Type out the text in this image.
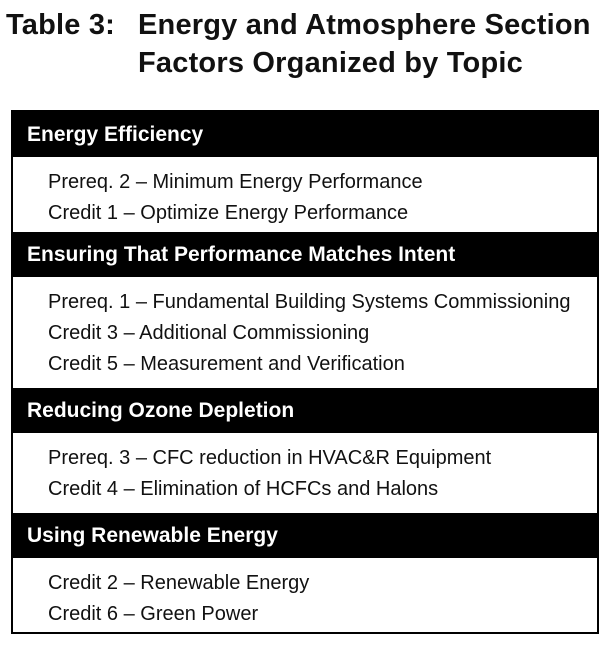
Table 3: Energy and Atmosphere Section
Factors Organized by Topic
Energy Efficiency
Prereq. 2 – Minimum Energy Performance
Credit 1 – Optimize Energy Performance
Ensuring That Performance Matches Intent
Prereq. 1 – Fundamental Building Systems Commissioning
Credit 3 – Additional Commissioning
Credit 5 – Measurement and Verification
Reducing Ozone Depletion
Prereq. 3 – CFC reduction in HVAC&R Equipment
Credit 4 – Elimination of HCFCs and Halons
Using Renewable Energy
Credit 2 – Renewable Energy
Credit 6 – Green Power
